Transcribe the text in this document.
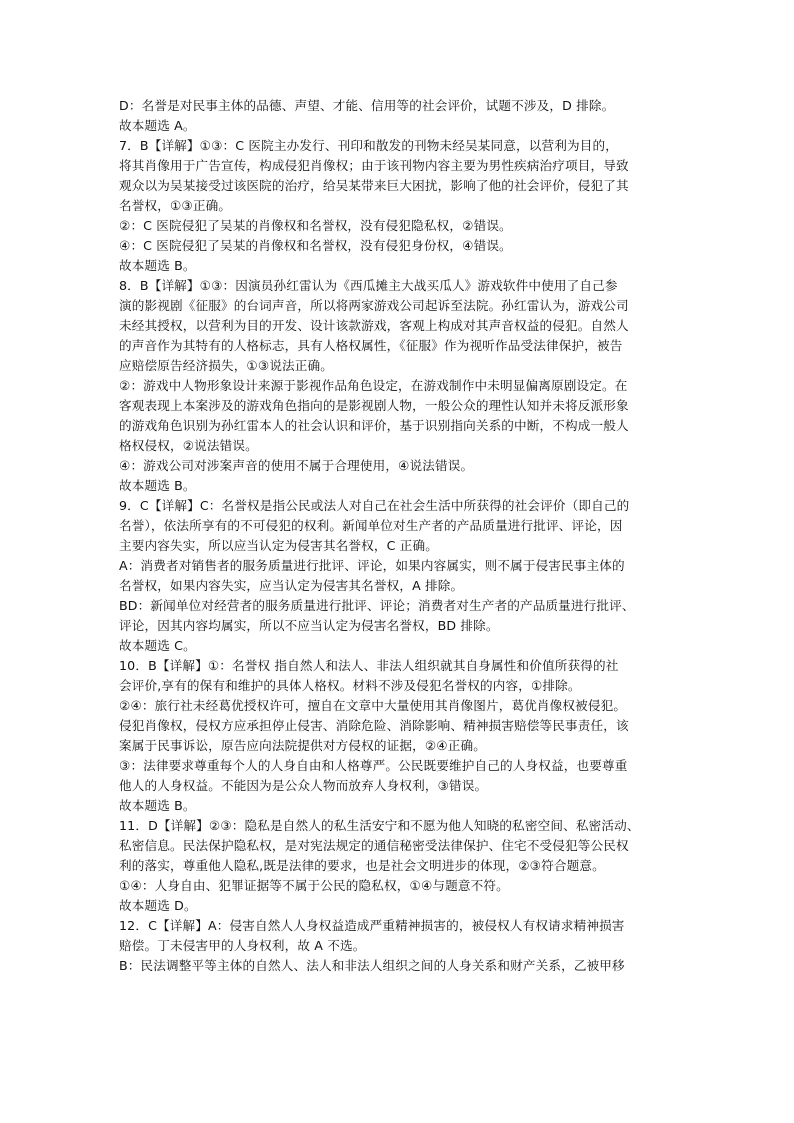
D：名誉是对民事主体的品德、声望、才能、信用等的社会评价，试题不涉及，D 排除。
故本题选 A。
7．B【详解】①③：C 医院主办发行、刊印和散发的刊物未经吴某同意，以营利为目的，
将其肖像用于广告宣传，构成侵犯肖像权；由于该刊物内容主要为男性疾病治疗项目，导致
观众以为吴某接受过该医院的治疗，给吴某带来巨大困扰，影响了他的社会评价，侵犯了其
名誉权，①③正确。
②：C 医院侵犯了吴某的肖像权和名誉权，没有侵犯隐私权，②错误。
④：C 医院侵犯了吴某的肖像权和名誉权，没有侵犯身份权，④错误。
故本题选 B。
8．B【详解】①③：因演员孙红雷认为《西瓜摊主大战买瓜人》游戏软件中使用了自己参
演的影视剧《征服》的台词声音，所以将两家游戏公司起诉至法院。孙红雷认为，游戏公司
未经其授权，以营利为目的开发、设计该款游戏，客观上构成对其声音权益的侵犯。自然人
的声音作为其特有的人格标志，具有人格权属性，《征服》作为视听作品受法律保护，被告
应赔偿原告经济损失，①③说法正确。
②：游戏中人物形象设计来源于影视作品角色设定，在游戏制作中未明显偏离原剧设定。在
客观表现上本案涉及的游戏角色指向的是影视剧人物，一般公众的理性认知并未将反派形象
的游戏角色识别为孙红雷本人的社会认识和评价，基于识别指向关系的中断，不构成一般人
格权侵权，②说法错误。
④：游戏公司对涉案声音的使用不属于合理使用，④说法错误。
故本题选 B。
9．C【详解】C：名誉权是指公民或法人对自己在社会生活中所获得的社会评价（即自己的
名誉），依法所享有的不可侵犯的权利。新闻单位对生产者的产品质量进行批评、评论，因
主要内容失实，所以应当认定为侵害其名誉权，C 正确。
A：消费者对销售者的服务质量进行批评、评论，如果内容属实，则不属于侵害民事主体的
名誉权，如果内容失实，应当认定为侵害其名誉权，A 排除。
BD：新闻单位对经营者的服务质量进行批评、评论；消费者对生产者的产品质量进行批评、
评论，因其内容均属实，所以不应当认定为侵害名誉权，BD 排除。
故本题选 C。
10．B【详解】①：名誉权 指自然人和法人、非法人组织就其自身属性和价值所获得的社
会评价,享有的保有和维护的具体人格权。材料不涉及侵犯名誉权的内容，①排除。
②④：旅行社未经葛优授权许可，擅自在文章中大量使用其肖像图片，葛优肖像权被侵犯。
侵犯肖像权，侵权方应承担停止侵害、消除危险、消除影响、精神损害赔偿等民事责任，该
案属于民事诉讼，原告应向法院提供对方侵权的证据，②④正确。
③：法律要求尊重每个人的人身自由和人格尊严。公民既要维护自己的人身权益，也要尊重
他人的人身权益。不能因为是公众人物而放弃人身权利，③错误。
故本题选 B。
11．D【详解】②③：隐私是自然人的私生活安宁和不愿为他人知晓的私密空间、私密活动、
私密信息。民法保护隐私权，是对宪法规定的通信秘密受法律保护、住宅不受侵犯等公民权
利的落实，尊重他人隐私,既是法律的要求，也是社会文明进步的体现，②③符合题意。
①④：人身自由、犯罪证据等不属于公民的隐私权，①④与题意不符。
故本题选 D。
12．C【详解】A：侵害自然人人身权益造成严重精神损害的，被侵权人有权请求精神损害
赔偿。丁未侵害甲的人身权利，故 A 不选。
B：民法调整平等主体的自然人、法人和非法人组织之间的人身关系和财产关系，乙被甲移
